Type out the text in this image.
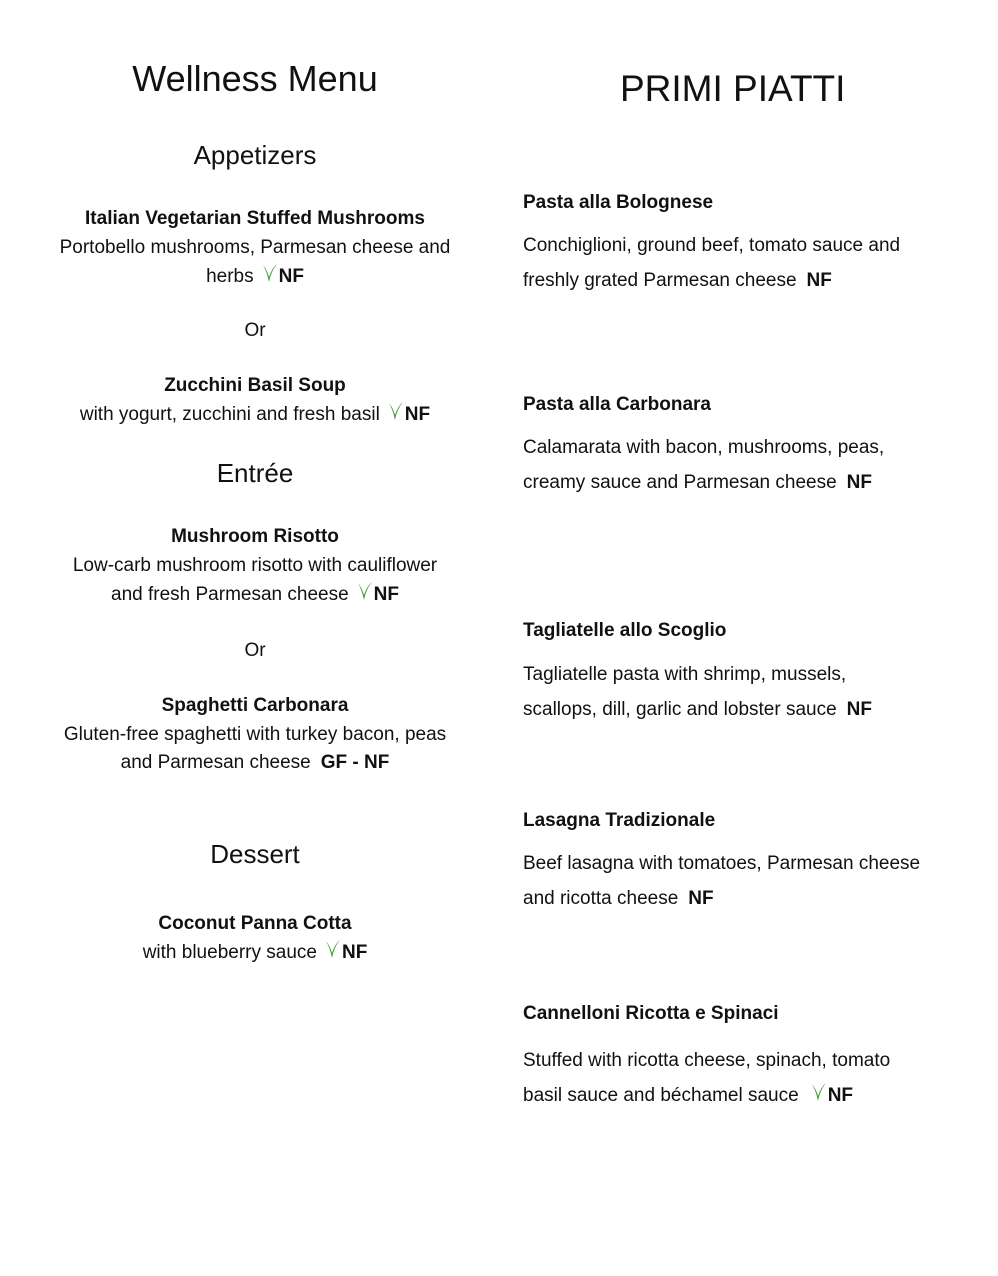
Wellness Menu
Appetizers
Italian Vegetarian Stuffed Mushrooms
Portobello mushrooms, Parmesan cheese and
herbs NF
Or
Zucchini Basil Soup
with yogurt, zucchini and fresh basil NF
Entrée
Mushroom Risotto
Low-carb mushroom risotto with cauliflower
and fresh Parmesan cheese NF
Or
Spaghetti Carbonara
Gluten-free spaghetti with turkey bacon, peas
and Parmesan cheese GF - NF
Dessert
Coconut Panna Cotta
with blueberry sauce NF
PRIMI PIATTI
Pasta alla Bolognese
Conchiglioni, ground beef, tomato sauce and
freshly grated Parmesan cheese NF
Pasta alla Carbonara
Calamarata with bacon, mushrooms, peas,
creamy sauce and Parmesan cheese NF
Tagliatelle allo Scoglio
Tagliatelle pasta with shrimp, mussels,
scallops, dill, garlic and lobster sauce NF
Lasagna Tradizionale
Beef lasagna with tomatoes, Parmesan cheese
and ricotta cheese NF
Cannelloni Ricotta e Spinaci
Stuffed with ricotta cheese, spinach, tomato
basil sauce and béchamel sauce NF
